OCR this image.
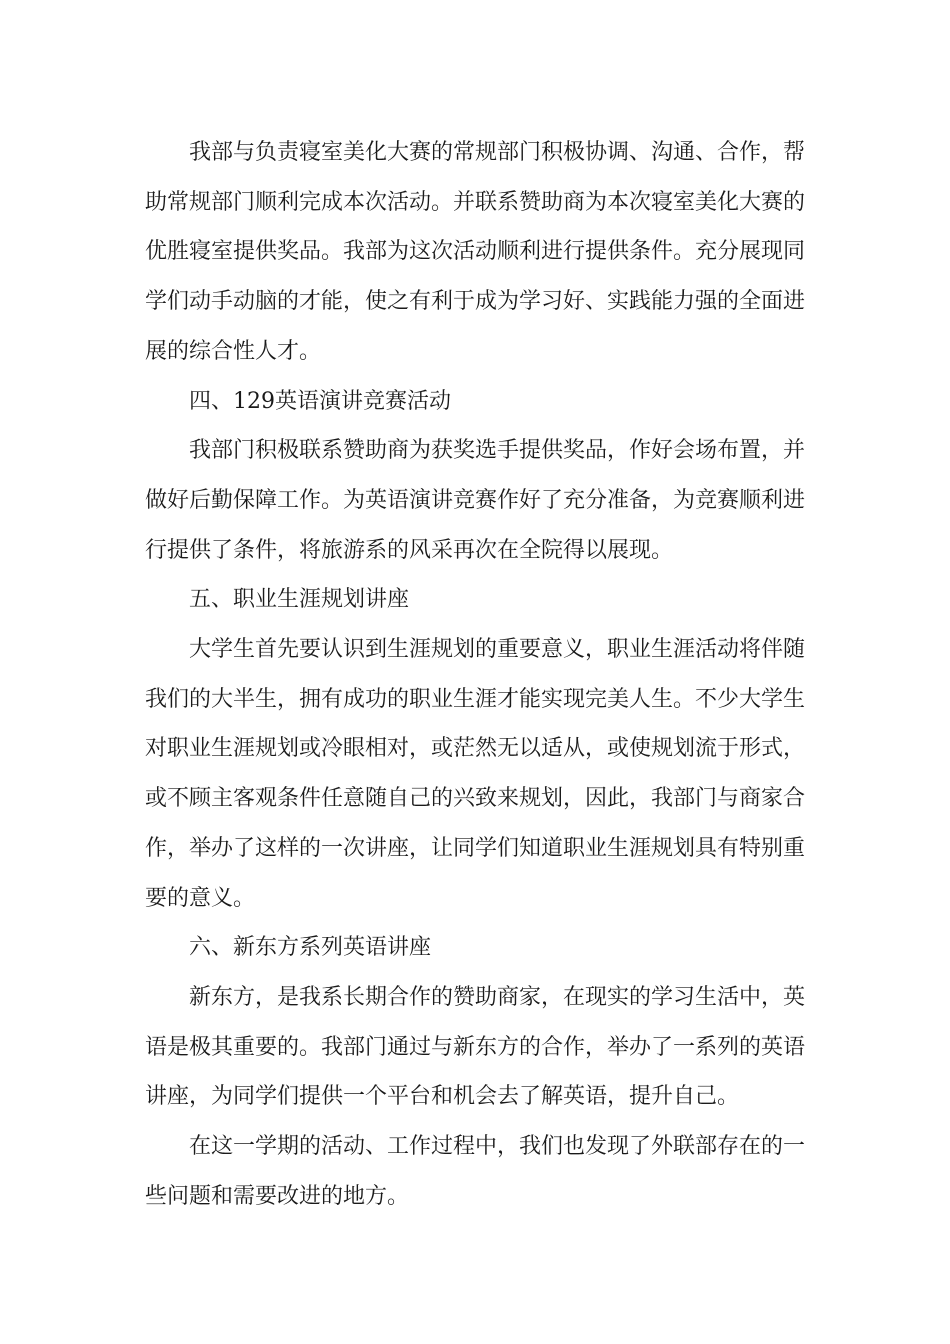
我部与负责寝室美化大赛的常规部门积极协调、沟通、合作，帮助常规部门顺利完成本次活动。并联系赞助商为本次寝室美化大赛的优胜寝室提供奖品。我部为这次活动顺利进行提供条件。充分展现同学们动手动脑的才能，使之有利于成为学习好、实践能力强的全面进展的综合性人才。

四、129英语演讲竞赛活动

我部门积极联系赞助商为获奖选手提供奖品，作好会场布置，并做好后勤保障工作。为英语演讲竞赛作好了充分准备，为竞赛顺利进行提供了条件，将旅游系的风采再次在全院得以展现。

五、职业生涯规划讲座

大学生首先要认识到生涯规划的重要意义，职业生涯活动将伴随我们的大半生，拥有成功的职业生涯才能实现完美人生。不少大学生对职业生涯规划或冷眼相对，或茫然无以适从，或使规划流于形式，或不顾主客观条件任意随自己的兴致来规划，因此，我部门与商家合作，举办了这样的一次讲座，让同学们知道职业生涯规划具有特别重要的意义。

六、新东方系列英语讲座

新东方，是我系长期合作的赞助商家，在现实的学习生活中，英语是极其重要的。我部门通过与新东方的合作，举办了一系列的英语讲座，为同学们提供一个平台和机会去了解英语，提升自己。

在这一学期的活动、工作过程中，我们也发现了外联部存在的一些问题和需要改进的地方。
